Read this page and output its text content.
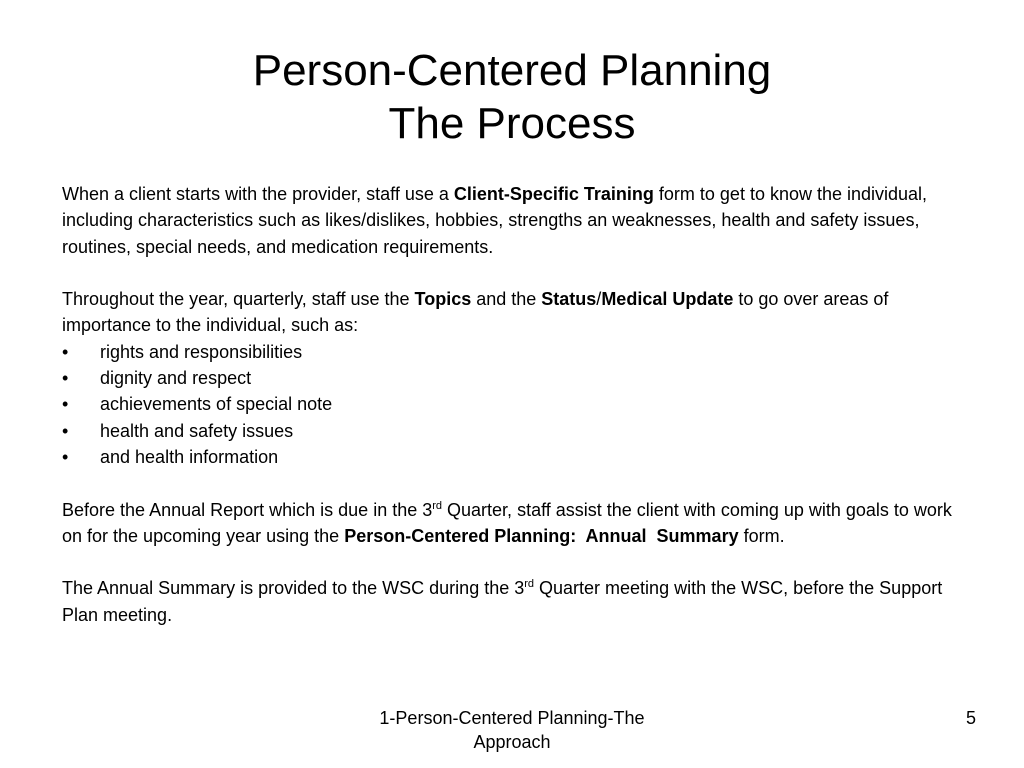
Person-Centered Planning
The Process

When a client starts with the provider, staff use a Client-Specific Training form to get to know the individual, including characteristics such as likes/dislikes, hobbies, strengths an weaknesses, health and safety issues, routines, special needs, and medication requirements.

Throughout the year, quarterly, staff use the Topics and the Status/Medical Update to go over areas of importance to the individual, such as:

• rights and responsibilities
• dignity and respect
• achievements of special note
• health and safety issues
• and health information

Before the Annual Report which is due in the 3rd Quarter, staff assist the client with coming up with goals to work on for the upcoming year using the Person-Centered Planning:  Annual  Summary form.

The Annual Summary is provided to the WSC during the 3rd Quarter meeting with the WSC, before the Support Plan meeting.

1-Person-Centered Planning-The
Approach
5
